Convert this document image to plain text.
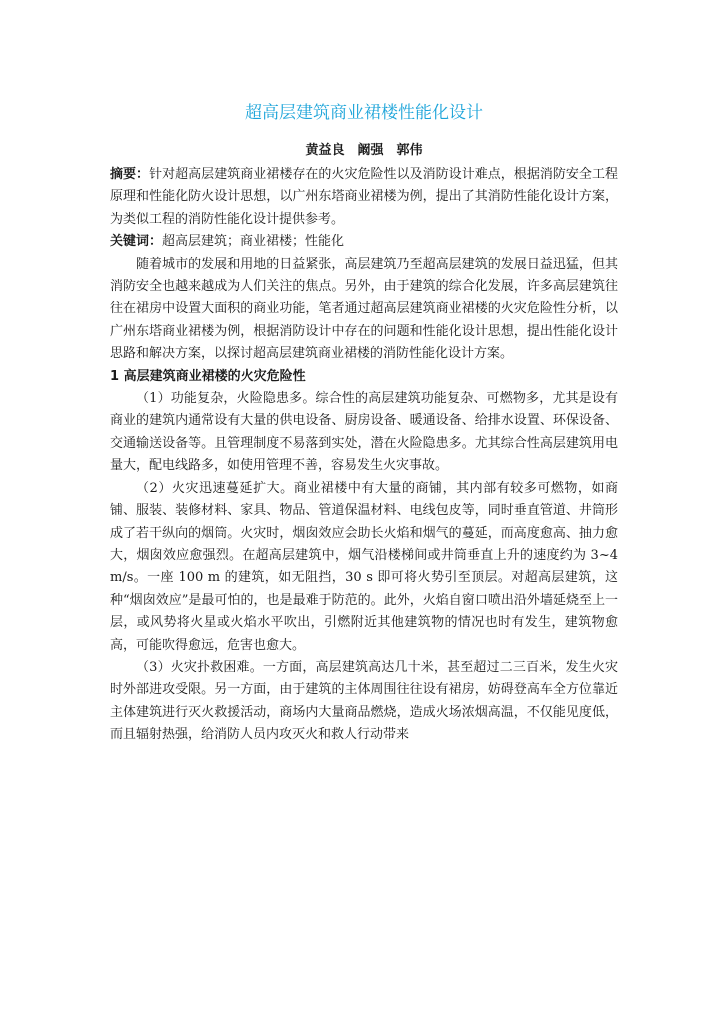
超高层建筑商业裙楼性能化设计
黄益良　阚强　郭伟

摘要：针对超高层建筑商业裙楼存在的火灾危险性以及消防设计难点，根据消防安全工程原理和性能化防火设计思想，以广州东塔商业裙楼为例，提出了其消防性能化设计方案，为类似工程的消防性能化设计提供参考。

关键词：超高层建筑；商业裙楼；性能化

随着城市的发展和用地的日益紧张，高层建筑乃至超高层建筑的发展日益迅猛，但其消防安全也越来越成为人们关注的焦点。另外，由于建筑的综合化发展，许多高层建筑往往在裙房中设置大面积的商业功能，笔者通过超高层建筑商业裙楼的火灾危险性分析，以广州东塔商业裙楼为例，根据消防设计中存在的问题和性能化设计思想，提出性能化设计思路和解决方案，以探讨超高层建筑商业裙楼的消防性能化设计方案。

1 高层建筑商业裙楼的火灾危险性

（1）功能复杂，火险隐患多。综合性的高层建筑功能复杂、可燃物多，尤其是设有商业的建筑内通常设有大量的供电设备、厨房设备、暖通设备、给排水设置、环保设备、交通输送设备等。且管理制度不易落到实处，潜在火险隐患多。尤其综合性高层建筑用电量大，配电线路多，如使用管理不善，容易发生火灾事故。

（2）火灾迅速蔓延扩大。商业裙楼中有大量的商铺，其内部有较多可燃物，如商铺、服装、装修材料、家具、物品、管道保温材料、电线包皮等，同时垂直管道、井筒形成了若干纵向的烟筒。火灾时，烟囱效应会助长火焰和烟气的蔓延，而高度愈高、抽力愈大，烟囱效应愈强烈。在超高层建筑中，烟气沿楼梯间或井筒垂直上升的速度约为 3~4 m/s。一座 100 m 的建筑，如无阻挡，30 s 即可将火势引至顶层。对超高层建筑，这种“烟囱效应”是最可怕的，也是最难于防范的。此外，火焰自窗口喷出沿外墙延烧至上一层，或风势将火星或火焰水平吹出，引燃附近其他建筑物的情况也时有发生，建筑物愈高，可能吹得愈远，危害也愈大。

（3）火灾扑救困难。一方面，高层建筑高达几十米，甚至超过二三百米，发生火灾时外部进攻受限。另一方面，由于建筑的主体周围往往设有裙房，妨碍登高车全方位靠近主体建筑进行灭火救援活动，商场内大量商品燃烧，造成火场浓烟高温，不仅能见度低，而且辐射热强，给消防人员内攻灭火和救人行动带来
